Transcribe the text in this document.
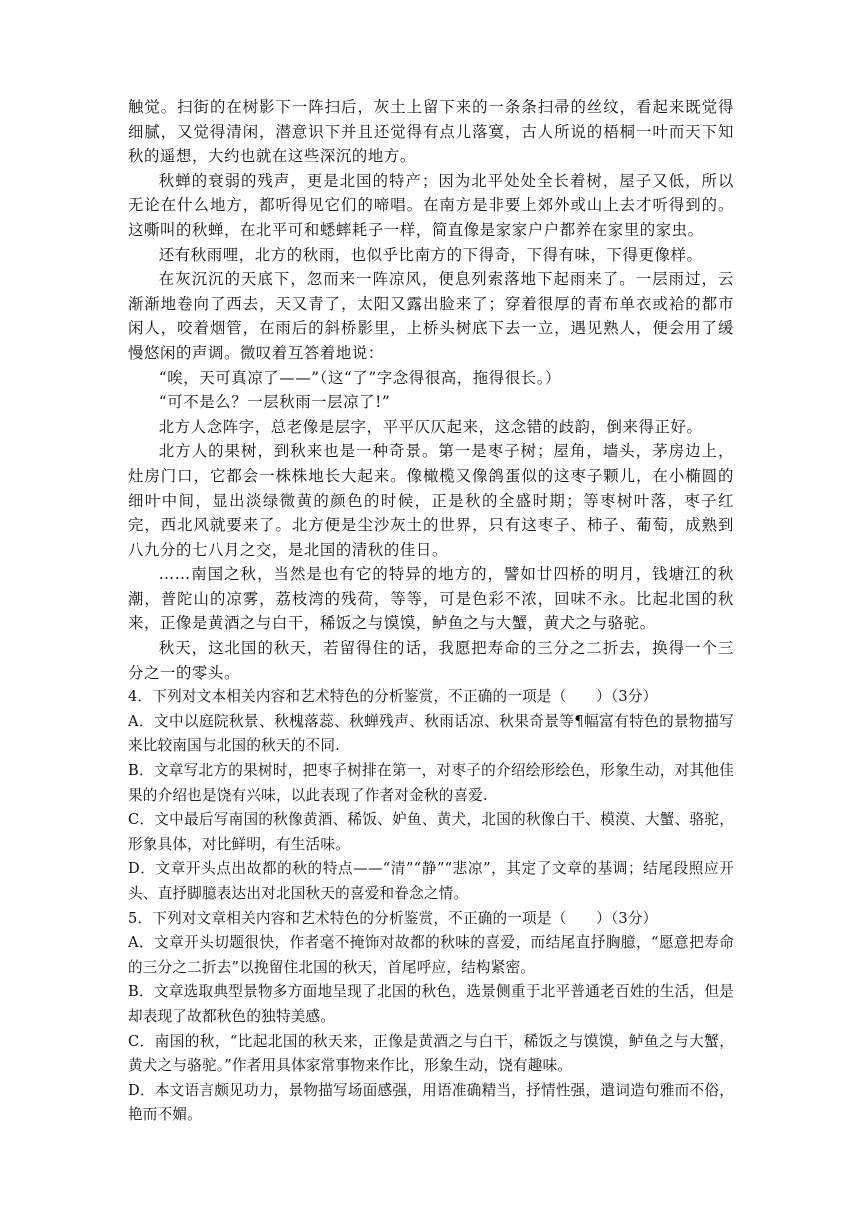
触觉。扫街的在树影下一阵扫后，灰土上留下来的一条条扫帚的丝纹，看起来既觉得细腻，又觉得清闲，潜意识下并且还觉得有点儿落寞，古人所说的梧桐一叶而天下知秋的遥想，大约也就在这些深沉的地方。

秋蝉的衰弱的残声，更是北国的特产；因为北平处处全长着树，屋子又低，所以无论在什么地方，都听得见它们的啼唱。在南方是非要上郊外或山上去才听得到的。这嘶叫的秋蝉，在北平可和蟋蟀耗子一样，简直像是家家户户都养在家里的家虫。

还有秋雨哩，北方的秋雨，也似乎比南方的下得奇，下得有味，下得更像样。

在灰沉沉的天底下，忽而来一阵凉风，便息列索落地下起雨来了。一层雨过，云渐渐地卷向了西去，天又青了，太阳又露出脸来了；穿着很厚的青布单衣或袷的都市闲人，咬着烟管，在雨后的斜桥影里，上桥头树底下去一立，遇见熟人，便会用了缓慢悠闲的声调。微叹着互答着地说：

“唉，天可真凉了——”（这“了”字念得很高，拖得很长。）

“可不是么？一层秋雨一层凉了!”

北方人念阵字，总老像是层字，平平仄仄起来，这念错的歧韵，倒来得正好。

北方人的果树，到秋来也是一种奇景。第一是枣子树；屋角，墙头，茅房边上，灶房门口，它都会一株株地长大起来。像橄榄又像鸽蛋似的这枣子颗儿，在小椭圆的细叶中间，显出淡绿微黄的颜色的时候，正是秋的全盛时期；等枣树叶落，枣子红完，西北风就要来了。北方便是尘沙灰土的世界，只有这枣子、柿子、葡萄，成熟到八九分的七八月之交，是北国的清秋的佳日。

……南国之秋，当然是也有它的特异的地方的，譬如廿四桥的明月，钱塘江的秋潮，普陀山的凉雾，荔枝湾的残荷，等等，可是色彩不浓，回味不永。比起北国的秋来，正像是黄酒之与白干，稀饭之与馍馍，鲈鱼之与大蟹，黄犬之与骆驼。

秋天，这北国的秋天，若留得住的话，我愿把寿命的三分之二折去，换得一个三分之一的零头。

4．下列对文本相关内容和艺术特色的分析鉴赏，不正确的一项是（　　）（3分）

A．文中以庭院秋景、秋槐落蕊、秋蝉残声、秋雨话凉、秋果奇景等¶幅富有特色的景物描写来比较南国与北国的秋天的不同.

B．文章写北方的果树时，把枣子树排在第一，对枣子的介绍绘形绘色，形象生动，对其他佳果的介绍也是饶有兴味，以此表现了作者对金秋的喜爱.

C．文中最后写南国的秋像黄酒、稀饭、妒鱼、黄犬，北国的秋像白干、模漠、大蟹、骆驼，形象具体，对比鲜明，有生活味。

D．文章开头点出故都的秋的特点——“清”“静”“悲凉”，其定了文章的基调；结尾段照应开头、直抒脚臆表达出对北国秋天的喜爱和眷念之情。

5．下列对文章相关内容和艺术特色的分析鉴赏，不正确的一项是（　　）（3分）

A．文章开头切题很快，作者毫不掩饰对故都的秋味的喜爱，而结尾直抒胸臆，“愿意把寿命的三分之二折去”以挽留住北国的秋天，首尾呼应，结构紧密。

B．文章选取典型景物多方面地呈现了北国的秋色，选景侧重于北平普通老百姓的生活，但是却表现了故都秋色的独特美感。

C．南国的秋，“比起北国的秋天来，正像是黄酒之与白干，稀饭之与馍馍，鲈鱼之与大蟹，黄犬之与骆驼。”作者用具体家常事物来作比，形象生动，饶有趣味。

D．本文语言颇见功力，景物描写场面感强，用语准确精当，抒情性强，遣词造句雅而不俗，艳而不媚。
